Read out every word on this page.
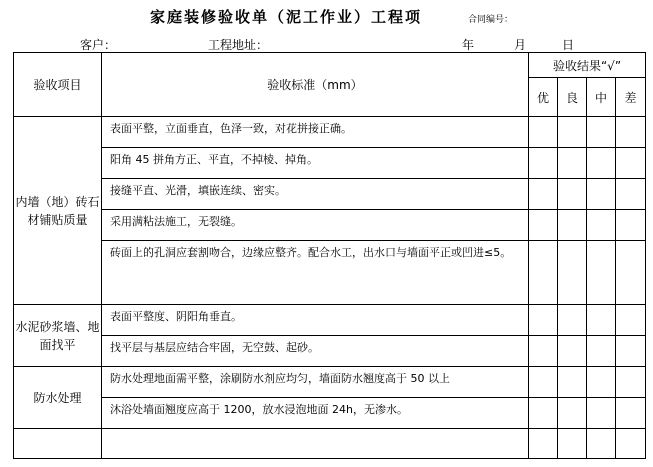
家庭装修验收单（泥工作业）工程项	合同编号：
客户：	工程地址：	年	月	日
验收项目	验收标准（mm）	验收结果“√”			
		优	良	中	差
内墙（地）砖石材铺贴质量	表面平整，立面垂直，色泽一致，对花拼接正确。				
	阳角 45 拼角方正、平直，不掉棱、掉角。				
	接缝平直、光滑，填嵌连续、密实。				
	采用满粘法施工，无裂缝。				
	砖面上的孔洞应套割吻合，边缘应整齐。配合水工，出水口与墙面平正或凹进≤5。				
水泥砂浆墙、地面找平	表面平整度、阴阳角垂直。				
	找平层与基层应结合牢固，无空鼓、起砂。				
防水处理	防水处理地面需平整，涂刷防水剂应均匀，墙面防水翘度高于 50 以上				
	沐浴处墙面翘度应高于 1200，放水浸泡地面 24h，无渗水。				
